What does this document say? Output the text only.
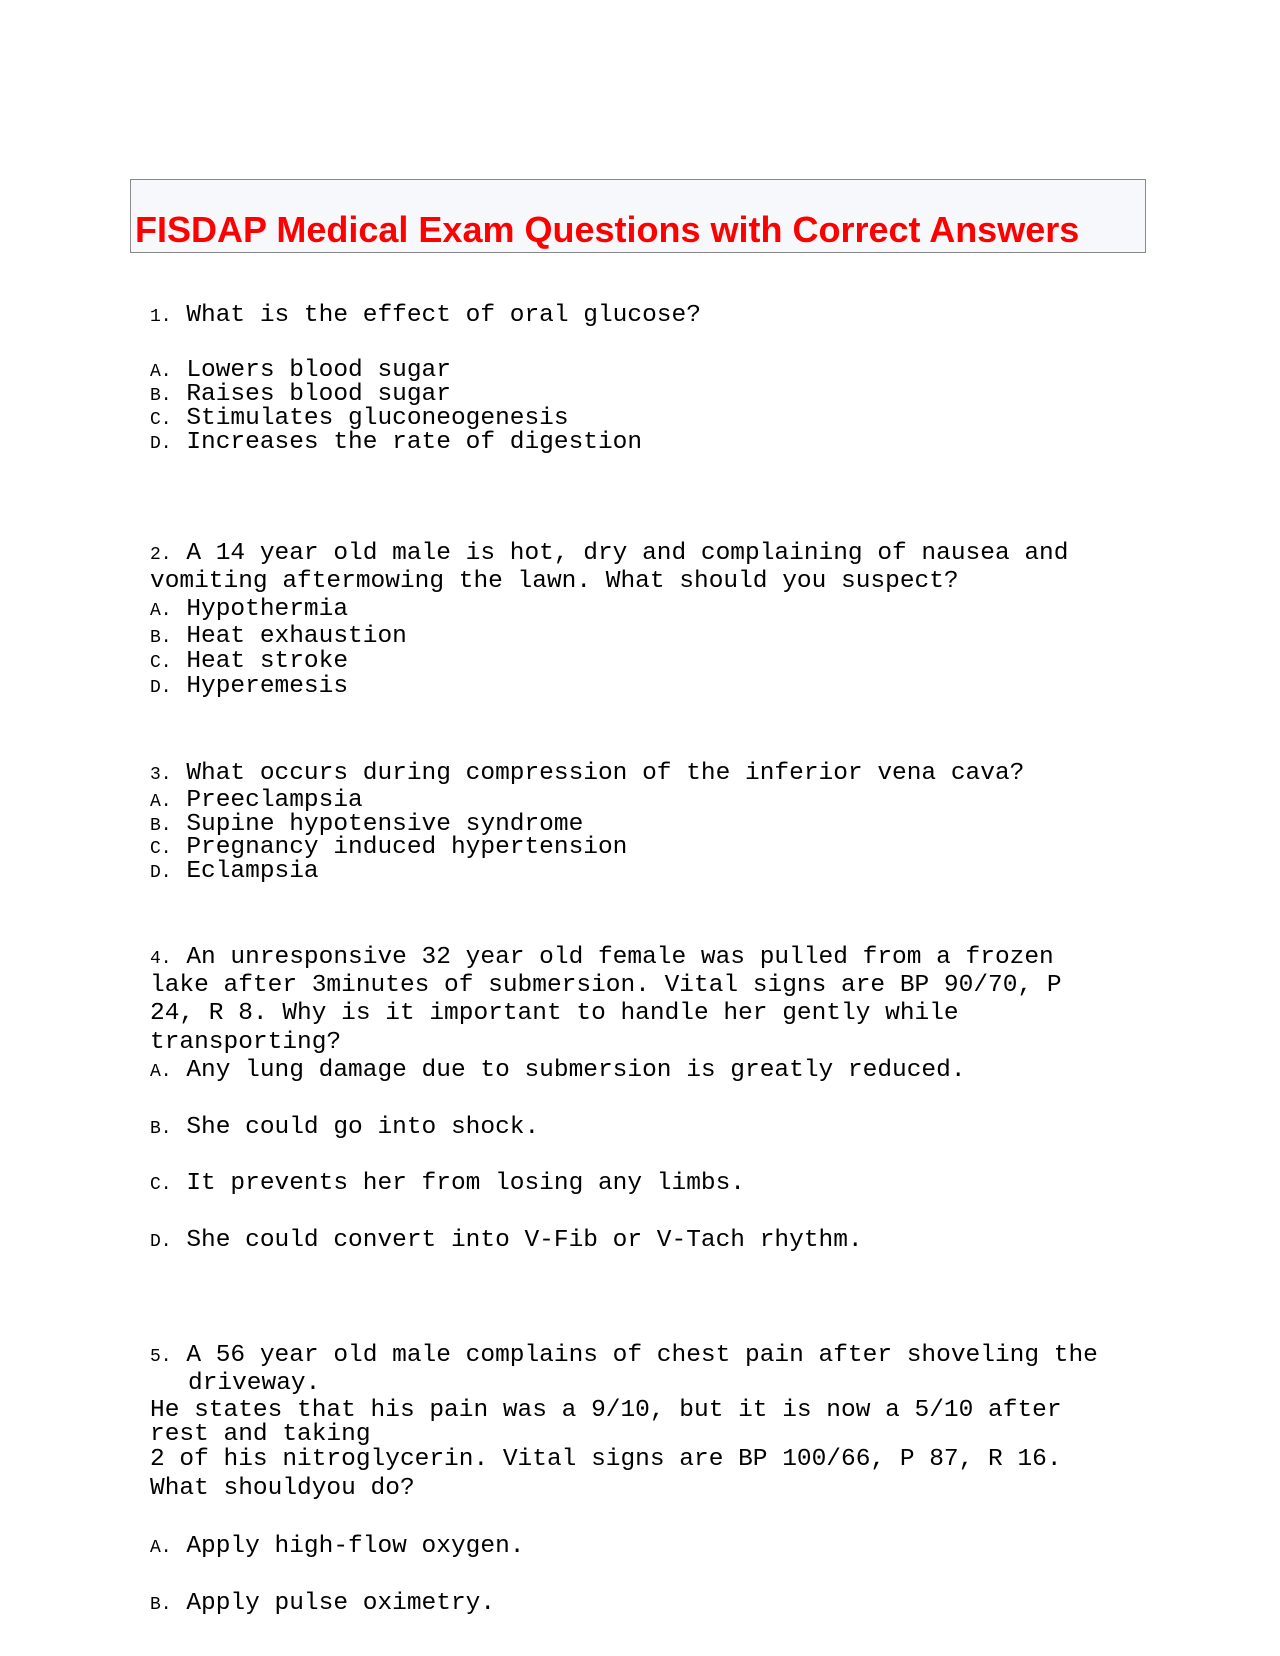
FISDAP Medical Exam Questions with Correct Answers

1. What is the effect of oral glucose?

A. Lowers blood sugar

B. Raises blood sugar

C. Stimulates gluconeogenesis

D. Increases the rate of digestion

2. A 14 year old male is hot, dry and complaining of nausea and

vomiting aftermowing the lawn. What should you suspect?

A. Hypothermia

B. Heat exhaustion

C. Heat stroke

D. Hyperemesis

3. What occurs during compression of the inferior vena cava?

A. Preeclampsia

B. Supine hypotensive syndrome

C. Pregnancy induced hypertension

D. Eclampsia

4. An unresponsive 32 year old female was pulled from a frozen

lake after 3minutes of submersion. Vital signs are BP 90/70, P

24, R 8. Why is it important to handle her gently while

transporting?

A. Any lung damage due to submersion is greatly reduced.

B. She could go into shock.

C. It prevents her from losing any limbs.

D. She could convert into V-Fib or V-Tach rhythm.

5. A 56 year old male complains of chest pain after shoveling the

driveway.

He states that his pain was a 9/10, but it is now a 5/10 after

rest and taking

2 of his nitroglycerin. Vital signs are BP 100/66, P 87, R 16.

What shouldyou do?

A. Apply high-flow oxygen.

B. Apply pulse oximetry.
